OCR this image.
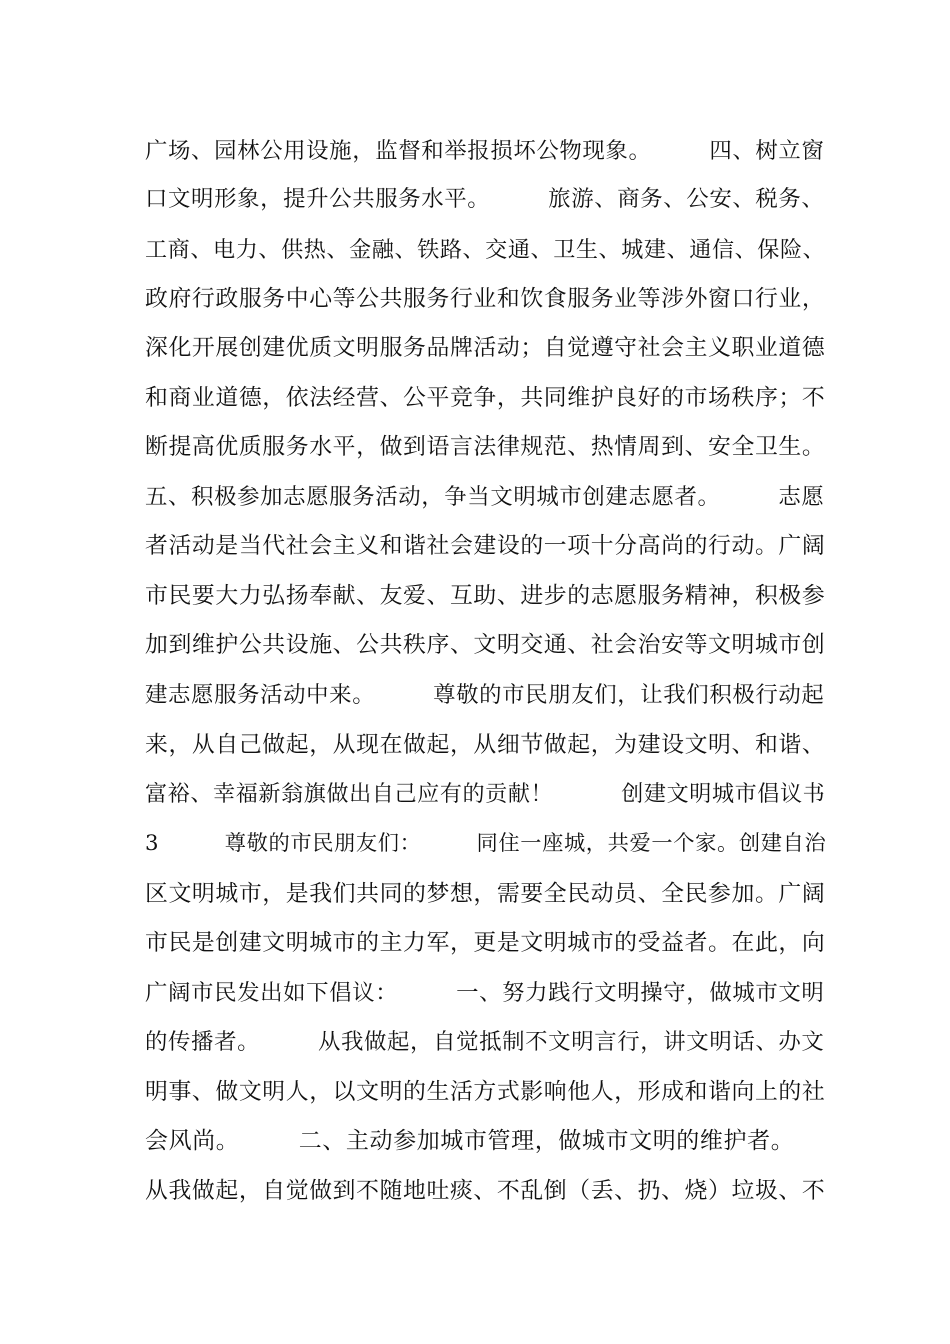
广场、园林公用设施，监督和举报损坏公物现象。　　　四、树立窗
口文明形象，提升公共服务水平。　　　旅游、商务、公安、税务、
工商、电力、供热、金融、铁路、交通、卫生、城建、通信、保险、
政府行政服务中心等公共服务行业和饮食服务业等涉外窗口行业，
深化开展创建优质文明服务品牌活动；自觉遵守社会主义职业道德
和商业道德，依法经营、公平竞争，共同维护良好的市场秩序；不
断提高优质服务水平，做到语言法律规范、热情周到、安全卫生。
五、积极参加志愿服务活动，争当文明城市创建志愿者。　　　志愿
者活动是当代社会主义和谐社会建设的一项十分高尚的行动。广阔
市民要大力弘扬奉献、友爱、互助、进步的志愿服务精神，积极参
加到维护公共设施、公共秩序、文明交通、社会治安等文明城市创
建志愿服务活动中来。　　　尊敬的市民朋友们，让我们积极行动起
来，从自己做起，从现在做起，从细节做起，为建设文明、和谐、
富裕、幸福新翁旗做出自己应有的贡献！　　　创建文明城市倡议书
3　　　尊敬的市民朋友们：　　　同住一座城，共爱一个家。创建自治
区文明城市，是我们共同的梦想，需要全民动员、全民参加。广阔
市民是创建文明城市的主力军，更是文明城市的受益者。在此，向
广阔市民发出如下倡议：　　　一、努力践行文明操守，做城市文明
的传播者。　　　从我做起，自觉抵制不文明言行，讲文明话、办文
明事、做文明人，以文明的生活方式影响他人，形成和谐向上的社
会风尚。　　　二、主动参加城市管理，做城市文明的维护者。
从我做起，自觉做到不随地吐痰、不乱倒（丢、扔、烧）垃圾、不
